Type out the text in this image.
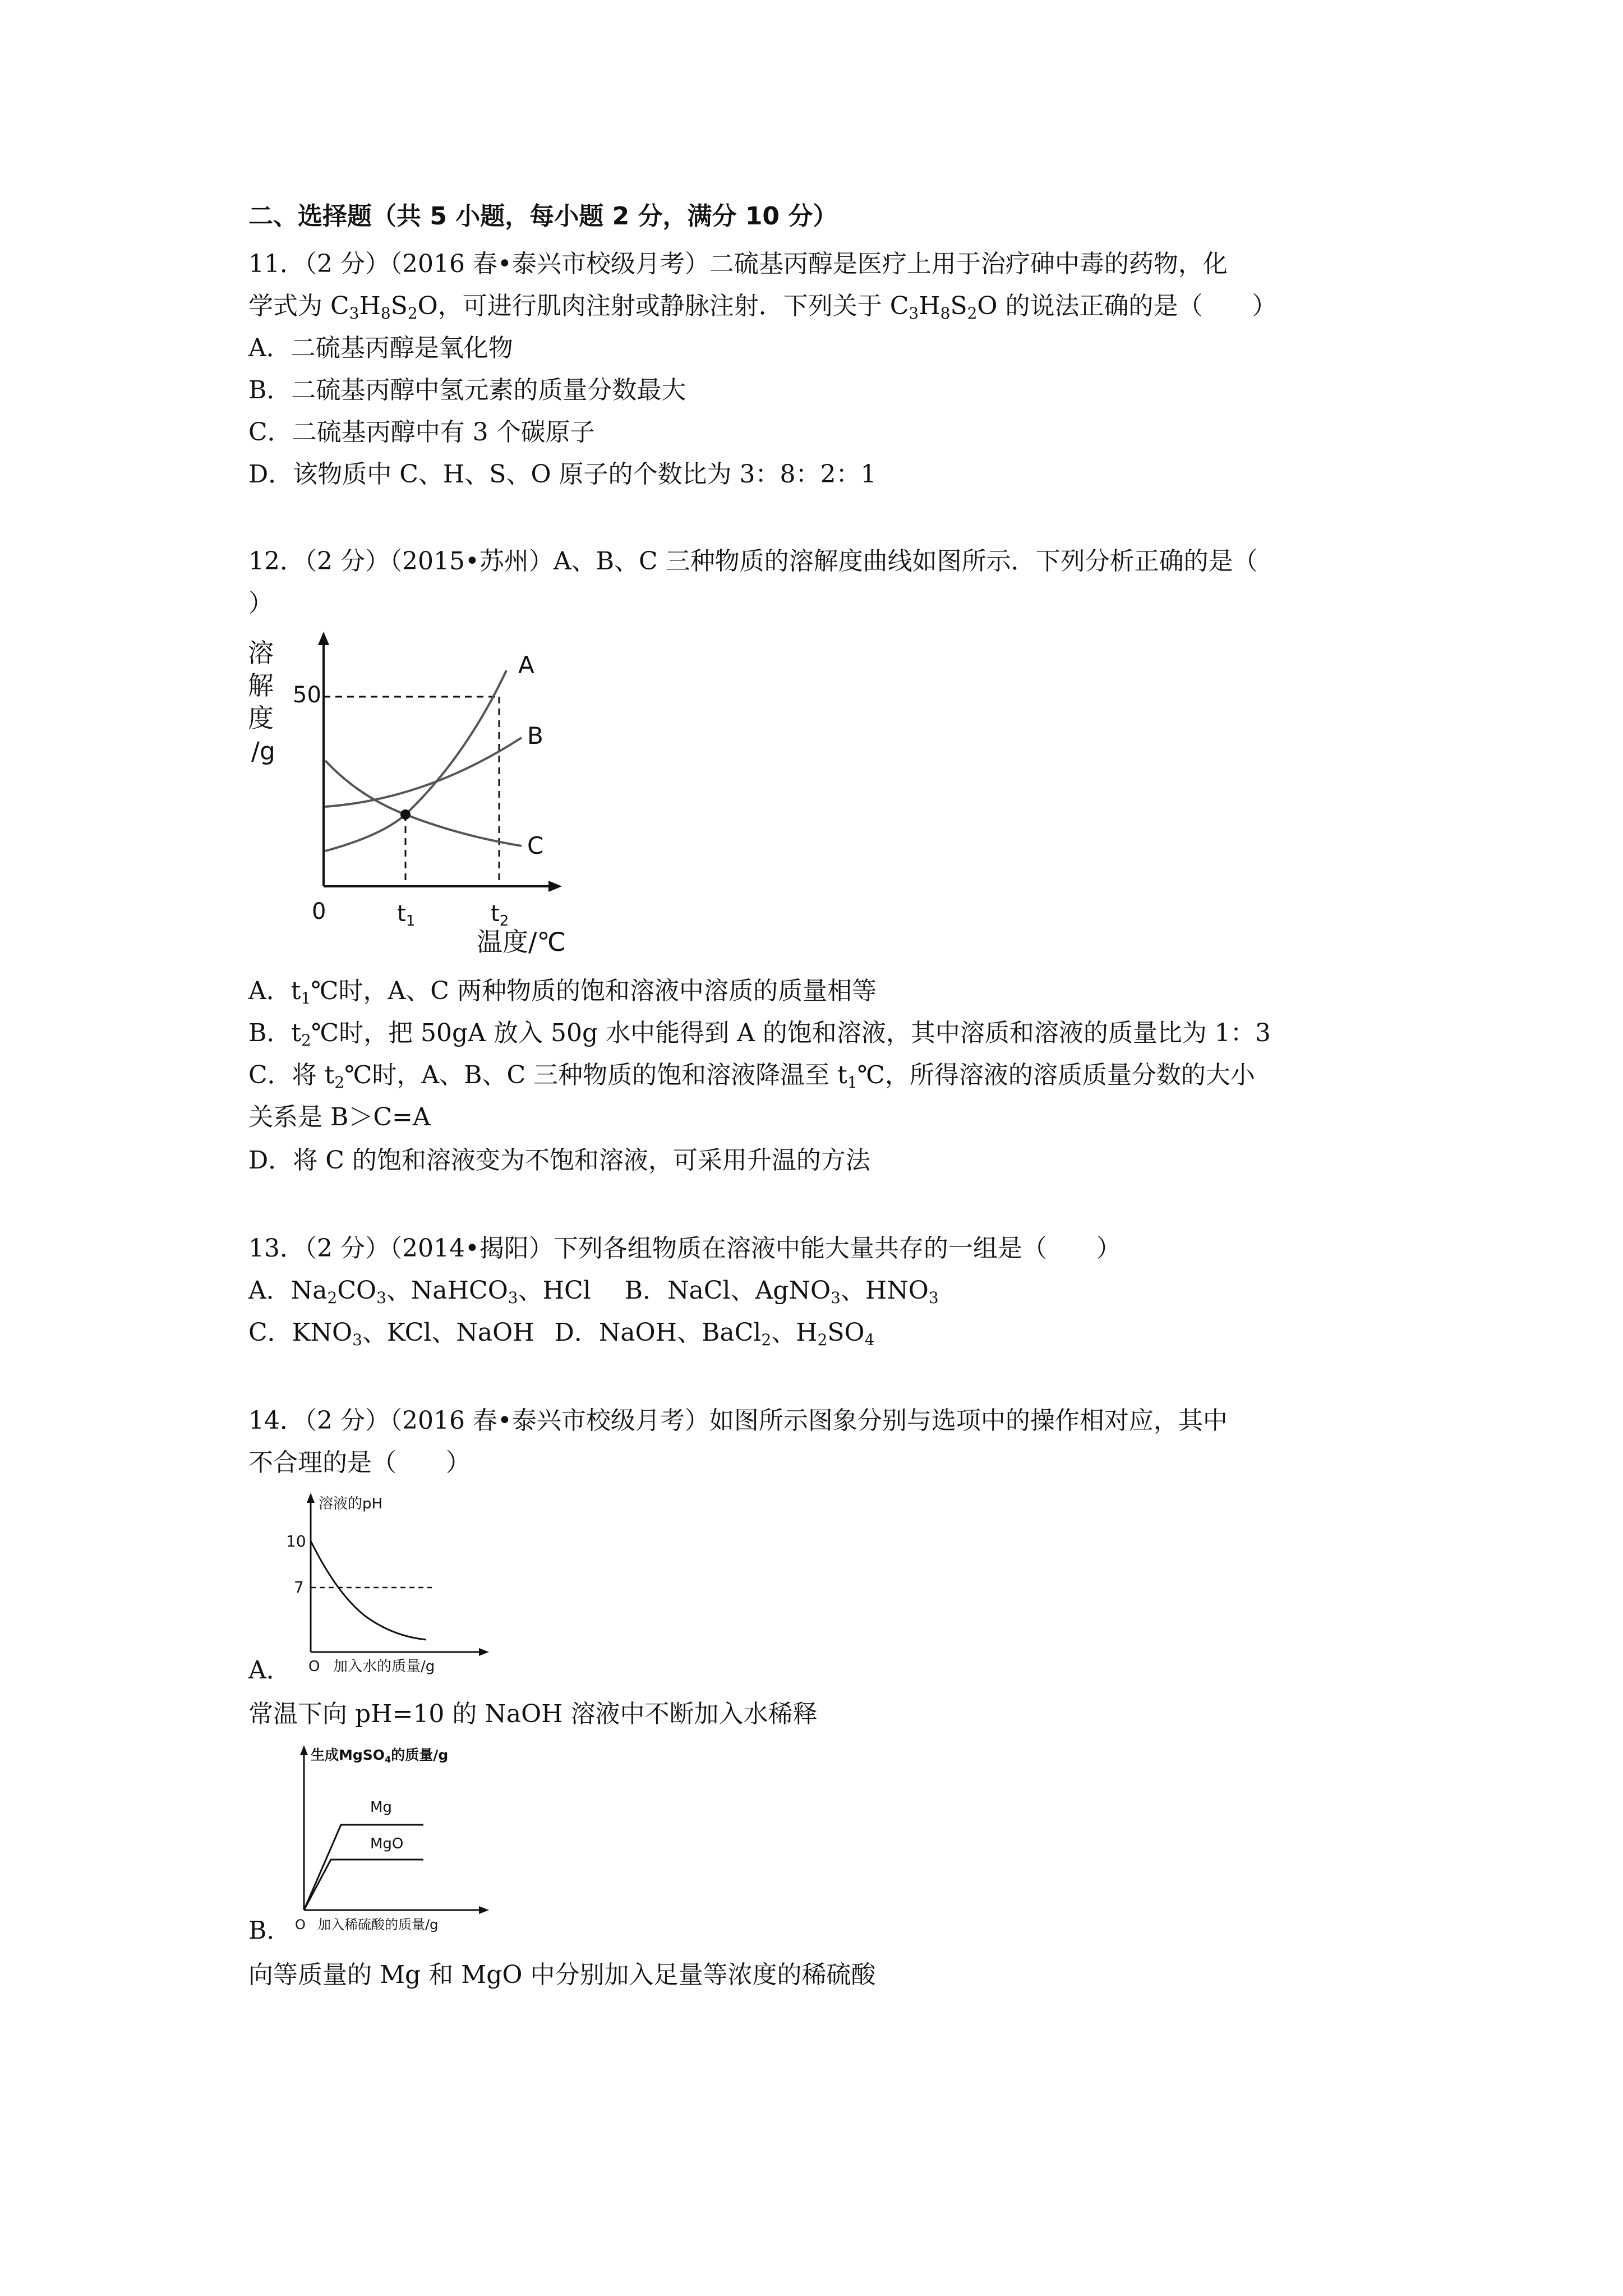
二、选择题（共 5 小题，每小题 2 分，满分 10 分）
11．（2 分）（2016 春•泰兴市校级月考）二硫基丙醇是医疗上用于治疗砷中毒的药物，化
学式为 $C_3H_8S_2O$，可进行肌肉注射或静脉注射．下列关于 $C_3H_8S_2O$ 的说法正确的是（　　）
A．二硫基丙醇是氧化物
B．二硫基丙醇中氢元素的质量分数最大
C．二硫基丙醇中有 3 个碳原子
D．该物质中 C、H、S、O 原子的个数比为 3：8：2：1
12．（2 分）（2015•苏州）A、B、C 三种物质的溶解度曲线如图所示．下列分析正确的是（
）
溶
解
度
/g
50
0	$t_1$	$t_2$
温度/℃
A
B
C
A．$t_1℃$时，A、C 两种物质的饱和溶液中溶质的质量相等
B．$t_2℃$时，把 50gA 放入 50g 水中能得到 A 的饱和溶液，其中溶质和溶液的质量比为 1：3
C．将 $t_2℃$时，A、B、C 三种物质的饱和溶液降温至 $t_1℃$，所得溶液的溶质质量分数的大小
关系是 B＞C=A
D．将 C 的饱和溶液变为不饱和溶液，可采用升温的方法
13．（2 分）（2014•揭阳）下列各组物质在溶液中能大量共存的一组是（　　）
A．$Na_2CO_3$、NaHCO$_3$、HCl B．NaCl、AgNO$_3$、$HNO_3$
C．$KNO_3$、KCl、NaOH D．NaOH、BaCl$_2$、$H_2SO_4$
14．（2 分）（2016 春•泰兴市校级月考）如图所示图象分别与选项中的操作相对应，其中
不合理的是（　　）
溶液的pH
10
7
O 加入水的质量/g
A．
常温下向 pH=10 的 NaOH 溶液中不断加入水稀释
生成MgSO$_4$的质量/g
Mg
MgO
O 加入稀硫酸的质量/g
B．
向等质量的 Mg 和 MgO 中分别加入足量等浓度的稀硫酸
